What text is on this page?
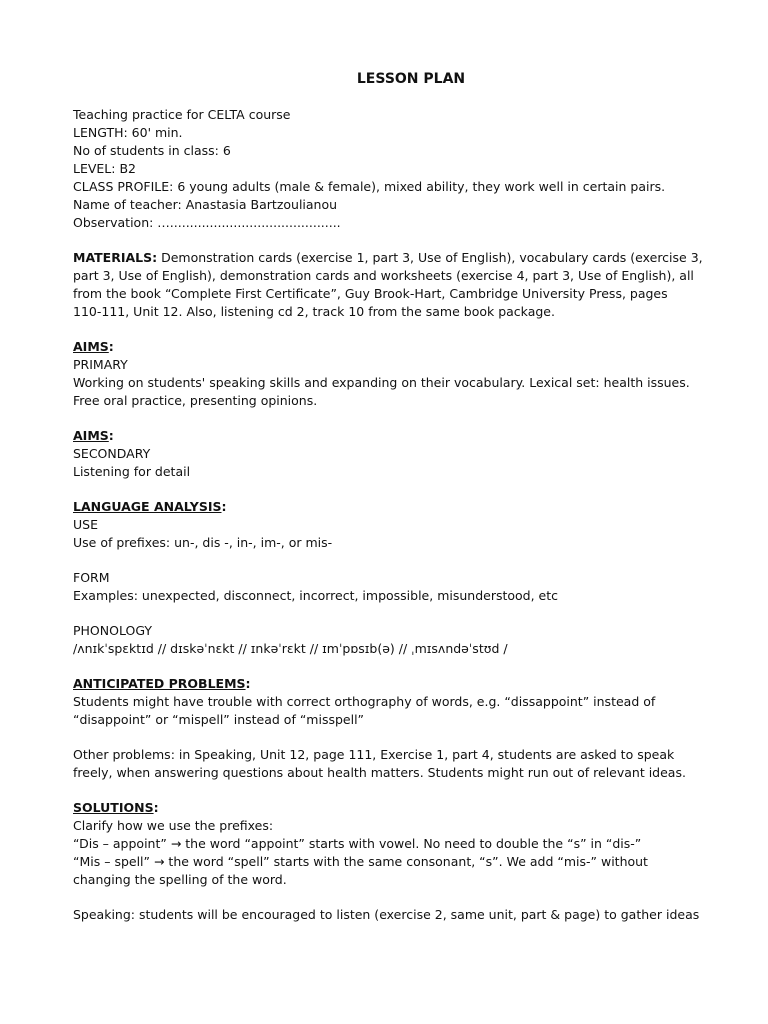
LESSON PLAN
Teaching practice for CELTA course
LENGTH: 60' min.
No of students in class: 6
LEVEL: B2
CLASS PROFILE: 6 young adults (male & female), mixed ability, they work well in certain pairs.
Name of teacher: Anastasia Bartzoulianou
Observation: …...........................................
MATERIALS: Demonstration cards (exercise 1, part 3, Use of English), vocabulary cards (exercise 3,
part 3, Use of English), demonstration cards and worksheets (exercise 4, part 3, Use of English), all
from the book “Complete First Certificate”, Guy Brook-Hart, Cambridge University Press, pages
110-111, Unit 12. Also, listening cd 2, track 10 from the same book package.
AIMS:
PRIMARY
Working on students' speaking skills and expanding on their vocabulary. Lexical set: health issues.
Free oral practice, presenting opinions.
AIMS:
SECONDARY
Listening for detail
LANGUAGE ANALYSIS:
USE
Use of prefixes: un-, dis -, in-, im-, or mis-
FORM
Examples: unexpected, disconnect, incorrect, impossible, misunderstood, etc
PHONOLOGY
/ʌnɪkˈspɛktɪd // dɪskəˈnɛkt // ɪnkəˈrɛkt // ɪmˈpɒsɪb(ə) // ˌmɪsʌndəˈstʊd /
ANTICIPATED PROBLEMS:
Students might have trouble with correct orthography of words, e.g. “dissappoint” instead of
“disappoint” or “mispell” instead of “misspell”
Other problems: in Speaking, Unit 12, page 111, Exercise 1, part 4, students are asked to speak
freely, when answering questions about health matters. Students might run out of relevant ideas.
SOLUTIONS:
Clarify how we use the prefixes:
“Dis – appoint” → the word “appoint” starts with vowel. No need to double the “s” in “dis-”
“Mis – spell” → the word “spell” starts with the same consonant, “s”. We add “mis-” without
changing the spelling of the word.
Speaking: students will be encouraged to listen (exercise 2, same unit, part & page) to gather ideas
